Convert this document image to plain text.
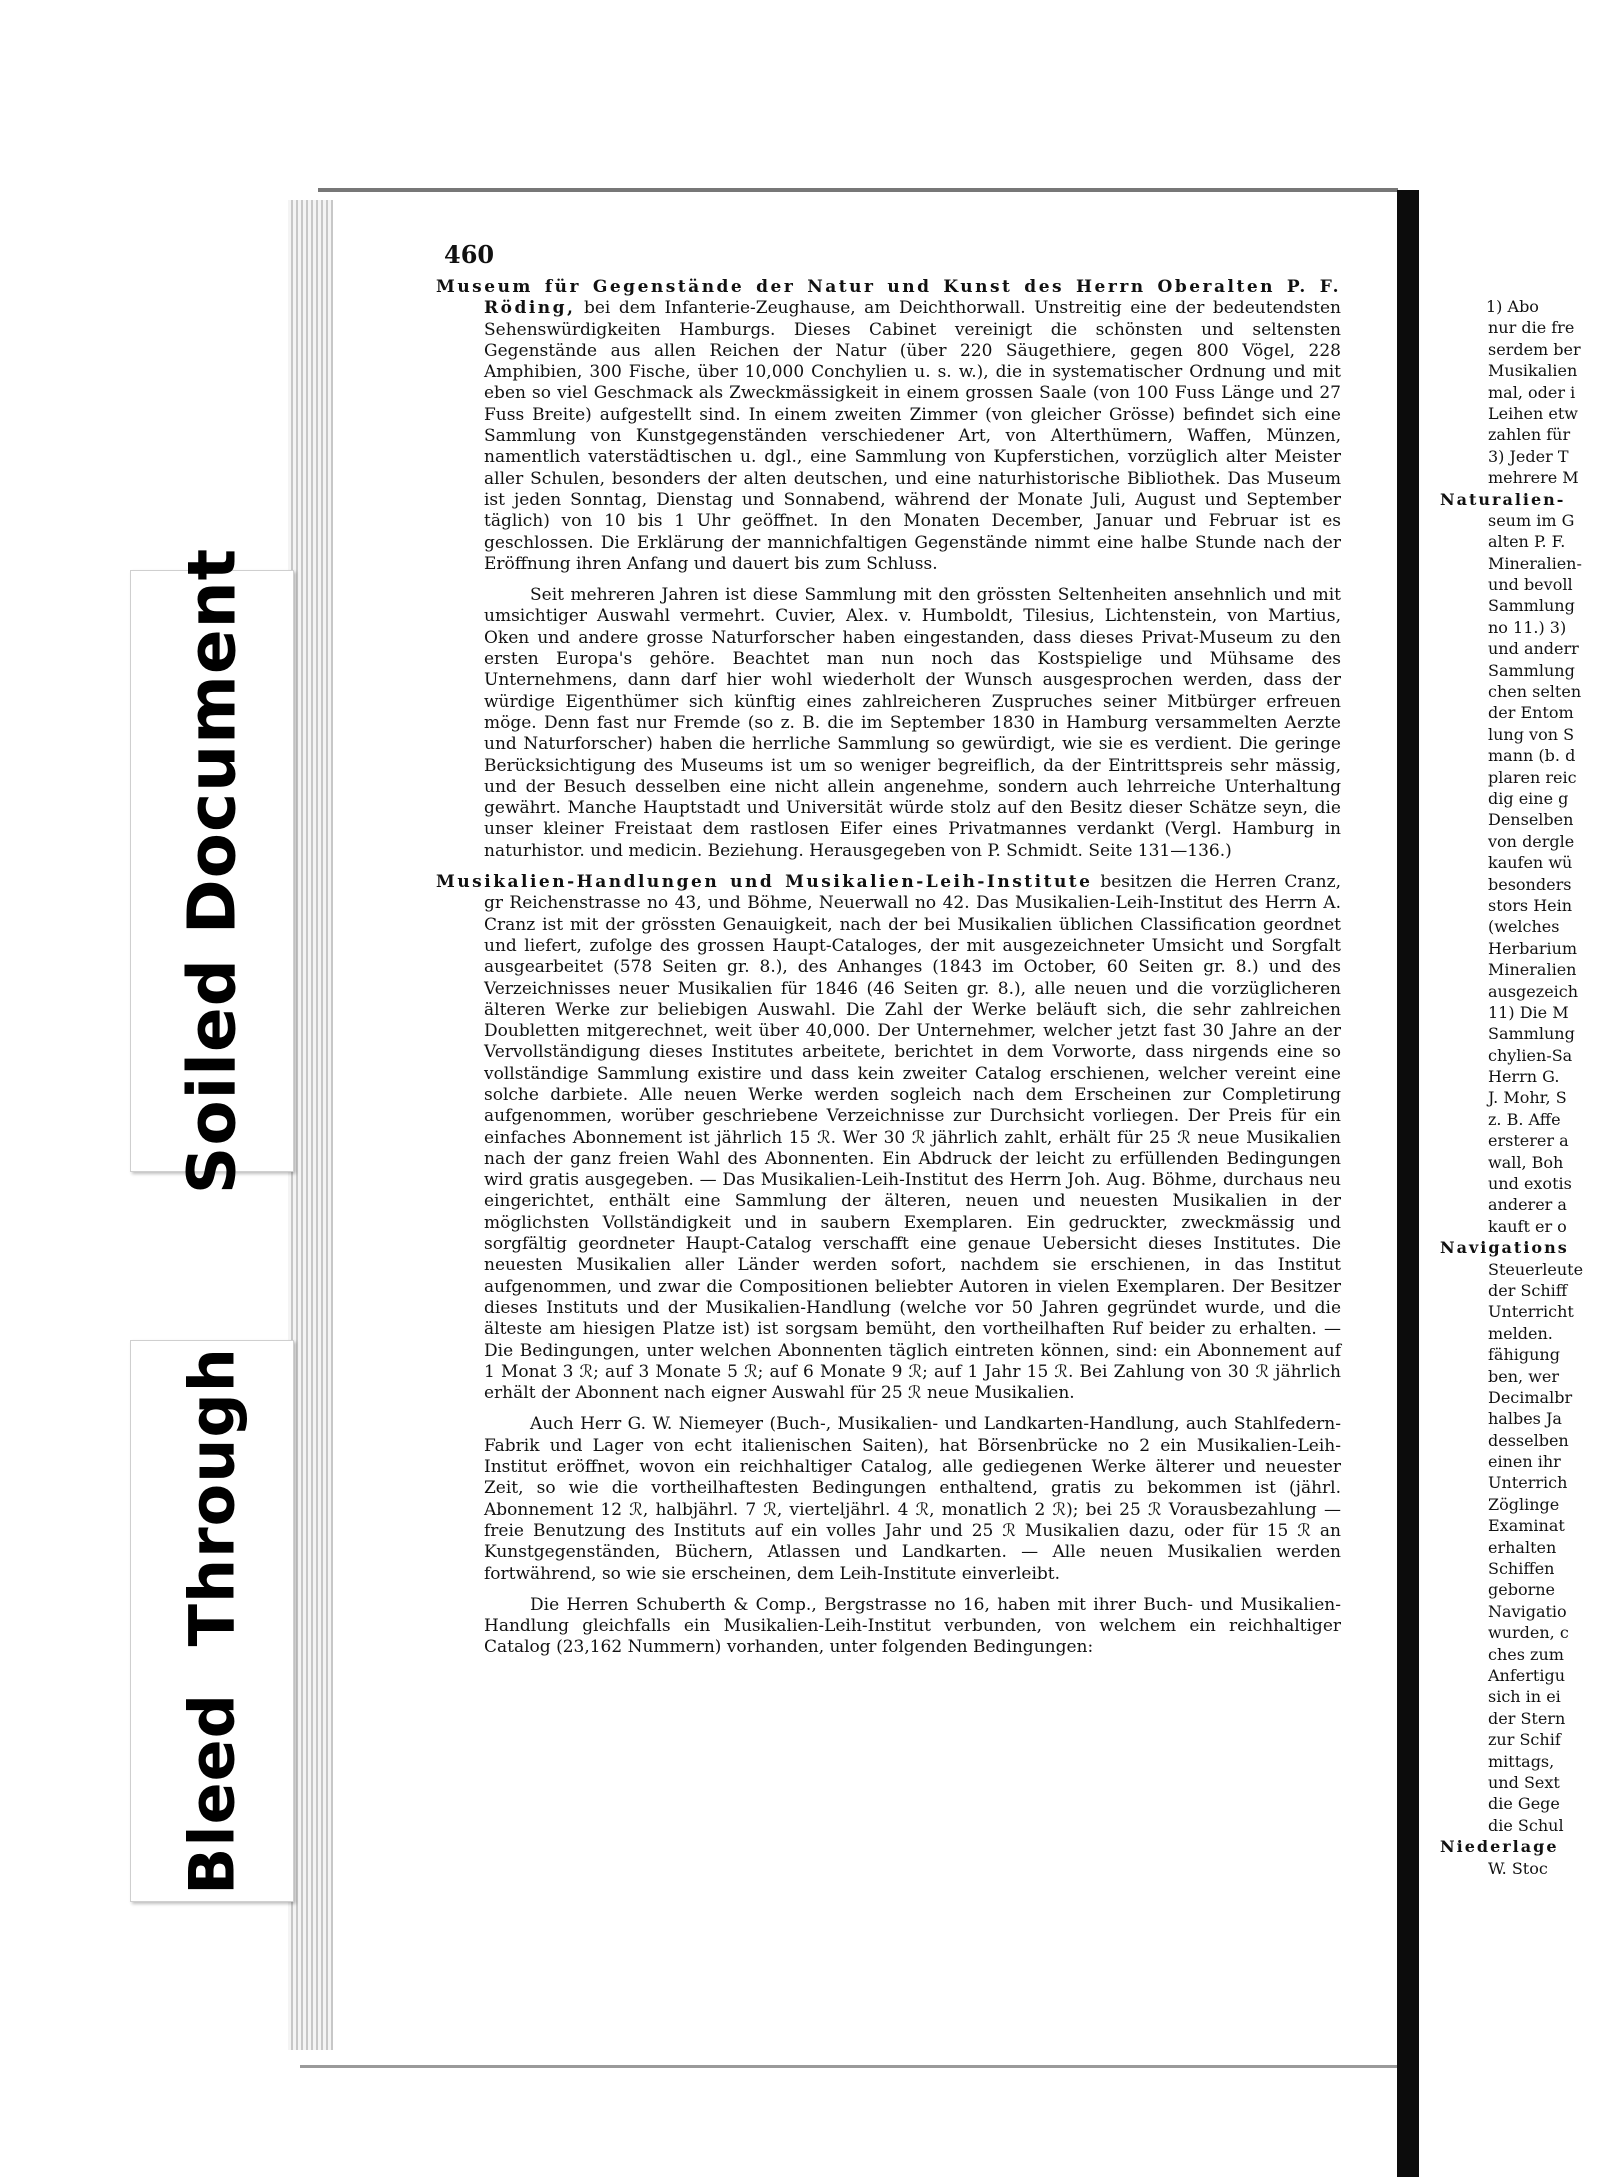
Soiled Document
Bleed Through
460

Museum für Gegenstände der Natur und Kunst des Herrn Oberalten P. F. Röding, bei dem Infanterie-Zeughause, am Deichthorwall. Unstreitig eine der bedeutendsten Sehenswürdigkeiten Hamburgs. Dieses Cabinet vereinigt die schönsten und seltensten Gegenstände aus allen Reichen der Natur (über 220 Säugethiere, gegen 800 Vögel, 228 Amphibien, 300 Fische, über 10,000 Conchylien u. s. w.), die in systematischer Ordnung und mit eben so viel Geschmack als Zweckmässigkeit in einem grossen Saale (von 100 Fuss Länge und 27 Fuss Breite) aufgestellt sind. In einem zweiten Zimmer (von gleicher Grösse) befindet sich eine Sammlung von Kunstgegenständen verschiedener Art, von Alterthümern, Waffen, Münzen, namentlich vaterstädtischen u. dgl., eine Sammlung von Kupferstichen, vorzüglich alter Meister aller Schulen, besonders der alten deutschen, und eine naturhistorische Bibliothek. Das Museum ist jeden Sonntag, Dienstag und Sonnabend, während der Monate Juli, August und September täglich) von 10 bis 1 Uhr geöffnet. In den Monaten December, Januar und Februar ist es geschlossen. Die Erklärung der mannichfaltigen Gegenstände nimmt eine halbe Stunde nach der Eröffnung ihren Anfang und dauert bis zum Schluss.

Seit mehreren Jahren ist diese Sammlung mit den grössten Seltenheiten ansehnlich und mit umsichtiger Auswahl vermehrt. Cuvier, Alex. v. Humboldt, Tilesius, Lichtenstein, von Martius, Oken und andere grosse Naturforscher haben eingestanden, dass dieses Privat-Museum zu den ersten Europa's gehöre. Beachtet man nun noch das Kostspielige und Mühsame des Unternehmens, dann darf hier wohl wiederholt der Wunsch ausgesprochen werden, dass der würdige Eigenthümer sich künftig eines zahlreicheren Zuspruches seiner Mitbürger erfreuen möge. Denn fast nur Fremde (so z. B. die im September 1830 in Hamburg versammelten Aerzte und Naturforscher) haben die herrliche Sammlung so gewürdigt, wie sie es verdient. Die geringe Berücksichtigung des Museums ist um so weniger begreiflich, da der Eintrittspreis sehr mässig, und der Besuch desselben eine nicht allein angenehme, sondern auch lehrreiche Unterhaltung gewährt. Manche Hauptstadt und Universität würde stolz auf den Besitz dieser Schätze seyn, die unser kleiner Freistaat dem rastlosen Eifer eines Privatmannes verdankt (Vergl. Hamburg in naturhistor. und medicin. Beziehung. Herausgegeben von P. Schmidt. Seite 131—136.)

Musikalien-Handlungen und Musikalien-Leih-Institute besitzen die Herren Cranz, gr Reichenstrasse no 43, und Böhme, Neuerwall no 42. Das Musikalien-Leih-Institut des Herrn A. Cranz ist mit der grössten Genauigkeit, nach der bei Musikalien üblichen Classification geordnet und liefert, zufolge des grossen Haupt-Cataloges, der mit ausgezeichneter Umsicht und Sorgfalt ausgearbeitet (578 Seiten gr. 8.), des Anhanges (1843 im October, 60 Seiten gr. 8.) und des Verzeichnisses neuer Musikalien für 1846 (46 Seiten gr. 8.), alle neuen und die vorzüglicheren älteren Werke zur beliebigen Auswahl. Die Zahl der Werke beläuft sich, die sehr zahlreichen Doubletten mitgerechnet, weit über 40,000. Der Unternehmer, welcher jetzt fast 30 Jahre an der Vervollständigung dieses Institutes arbeitete, berichtet in dem Vorworte, dass nirgends eine so vollständige Sammlung existire und dass kein zweiter Catalog erschienen, welcher vereint eine solche darbiete. Alle neuen Werke werden sogleich nach dem Erscheinen zur Completirung aufgenommen, worüber geschriebene Verzeichnisse zur Durchsicht vorliegen. Der Preis für ein einfaches Abonnement ist jährlich 15 ℛ. Wer 30 ℛ jährlich zahlt, erhält für 25 ℛ neue Musikalien nach der ganz freien Wahl des Abonnenten. Ein Abdruck der leicht zu erfüllenden Bedingungen wird gratis ausgegeben. — Das Musikalien-Leih-Institut des Herrn Joh. Aug. Böhme, durchaus neu eingerichtet, enthält eine Sammlung der älteren, neuen und neuesten Musikalien in der möglichsten Vollständigkeit und in saubern Exemplaren. Ein gedruckter, zweckmässig und sorgfältig geordneter Haupt-Catalog verschafft eine genaue Uebersicht dieses Institutes. Die neuesten Musikalien aller Länder werden sofort, nachdem sie erschienen, in das Institut aufgenommen, und zwar die Compositionen beliebter Autoren in vielen Exemplaren. Der Besitzer dieses Instituts und der Musikalien-Handlung (welche vor 50 Jahren gegründet wurde, und die älteste am hiesigen Platze ist) ist sorgsam bemüht, den vortheilhaften Ruf beider zu erhalten. — Die Bedingungen, unter welchen Abonnenten täglich eintreten können, sind: ein Abonnement auf 1 Monat 3 ℛ; auf 3 Monate 5 ℛ; auf 6 Monate 9 ℛ; auf 1 Jahr 15 ℛ. Bei Zahlung von 30 ℛ jährlich erhält der Abonnent nach eigner Auswahl für 25 ℛ neue Musikalien.

Auch Herr G. W. Niemeyer (Buch-, Musikalien- und Landkarten-Handlung, auch Stahlfedern-Fabrik und Lager von echt italienischen Saiten), hat Börsenbrücke no 2 ein Musikalien-Leih-Institut eröffnet, wovon ein reichhaltiger Catalog, alle gediegenen Werke älterer und neuester Zeit, so wie die vortheilhaftesten Bedingungen enthaltend, gratis zu bekommen ist (jährl. Abonnement 12 ℛ, halbjährl. 7 ℛ, vierteljährl. 4 ℛ, monatlich 2 ℛ); bei 25 ℛ Vorausbezahlung — freie Benutzung des Instituts auf ein volles Jahr und 25 ℛ Musikalien dazu, oder für 15 ℛ an Kunstgegenständen, Büchern, Atlassen und Landkarten. — Alle neuen Musikalien werden fortwährend, so wie sie erscheinen, dem Leih-Institute einverleibt.

Die Herren Schuberth & Comp., Bergstrasse no 16, haben mit ihrer Buch- und Musikalien-Handlung gleichfalls ein Musikalien-Leih-Institut verbunden, von welchem ein reichhaltiger Catalog (23,162 Nummern) vorhanden, unter folgenden Bedingungen:

1) Abo
nur die fre
serdem ber
Musikalien
mal, oder i
Leihen etw
zahlen für
3) Jeder T
mehrere M
Naturalien-
seum im G
alten P. F.
Mineralien-
und bevoll
Sammlung
no 11.) 3)
und anderr
Sammlung
chen selten
der Entom
lung von S
mann (b. d
plaren reic
dig eine g
Denselben
von dergle
kaufen wü
besonders
stors Hein
(welches
Herbarium
Mineralien
ausgezeich
11) Die M
Sammlung
chylien-Sa
Herrn G.
J. Mohr, S
z. B. Affe
ersterer a
wall, Boh
und exotis
anderer a
kauft er o
Navigations
Steuerleute
der Schiff
Unterricht
melden.
fähigung
ben, wer
Decimalbr
halbes Ja
desselben
einen ihr
Unterrich
Zöglinge
Examinat
erhalten
Schiffen
geborne
Navigatio
wurden, c
ches zum
Anfertigu
sich in ei
der Stern
zur Schif
mittags,
und Sext
die Gege
die Schul
Niederlage
W. Stoc
